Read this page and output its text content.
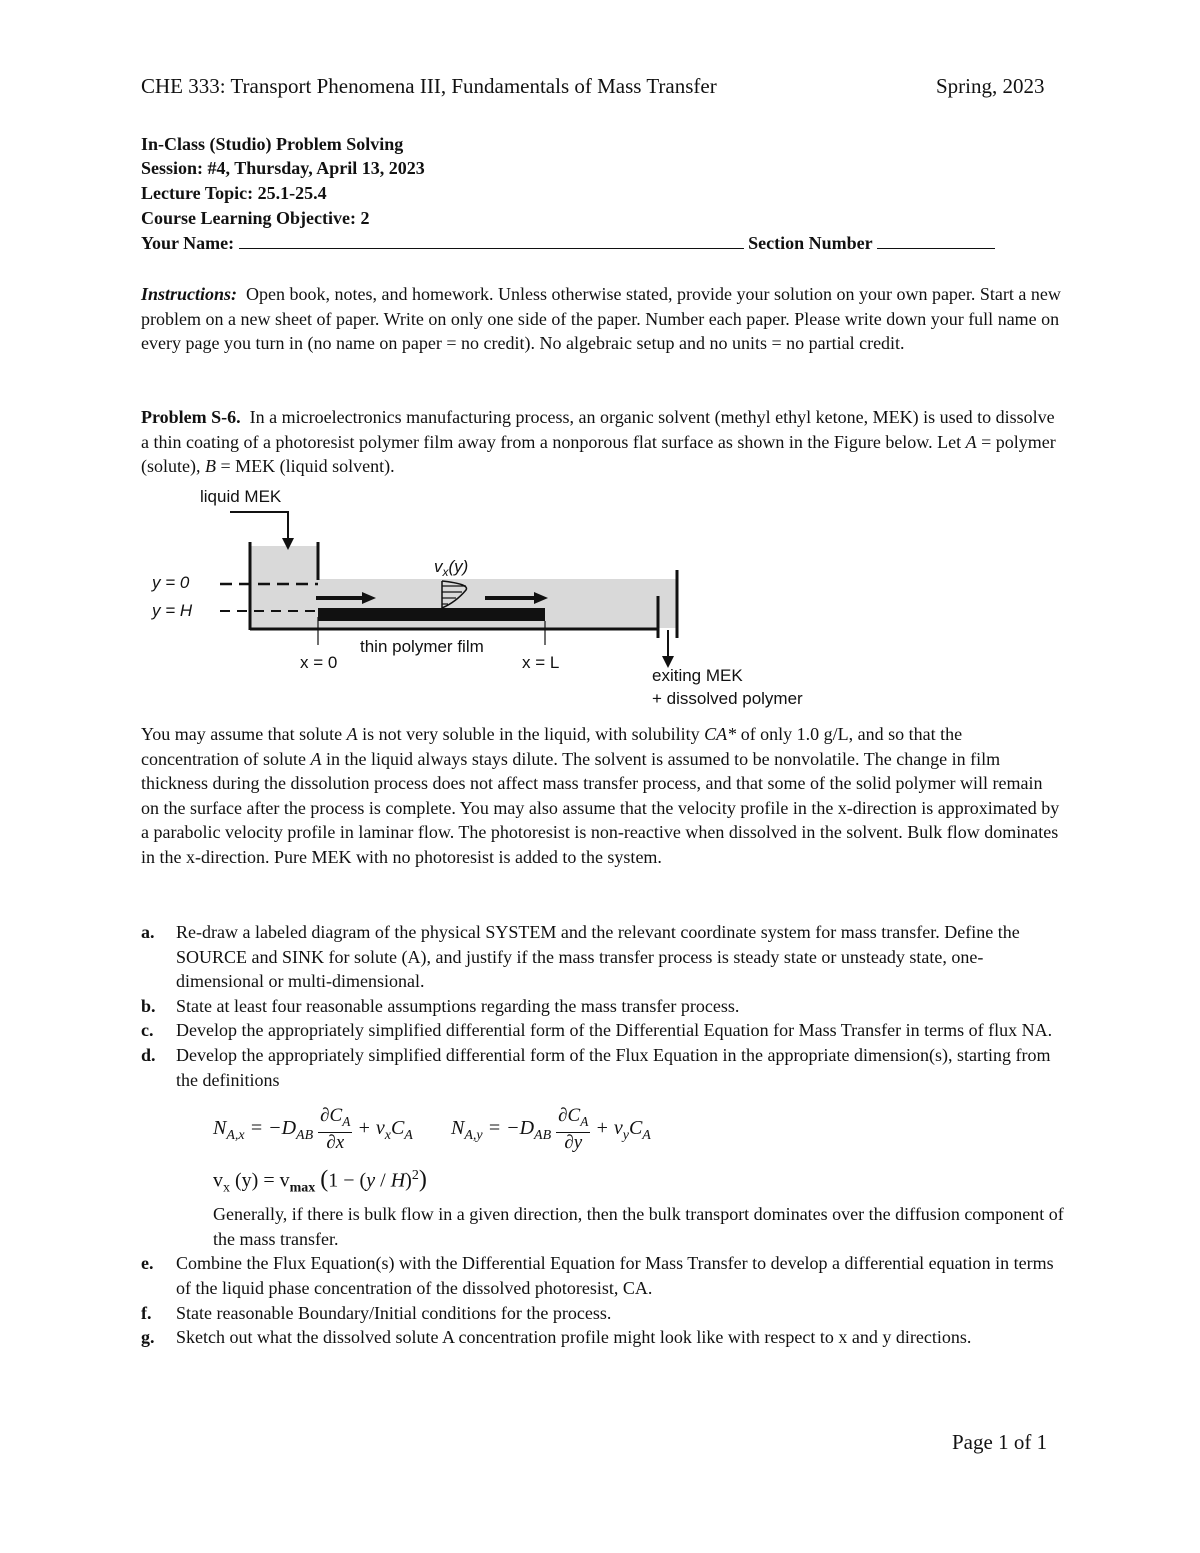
CHE 333: Transport Phenomena III, Fundamentals of Mass Transfer	Spring, 2023
In-Class (Studio) Problem Solving
Session: #4, Thursday, April 13, 2023
Lecture Topic: 25.1-25.4
Course Learning Objective: 2
Your Name:	Section Number

Instructions: Open book, notes, and homework. Unless otherwise stated, provide your solution on your own paper. Start a new problem on a new sheet of paper. Write on only one side of the paper. Number each paper. Please write down your full name on every page you turn in (no name on paper = no credit). No algebraic setup and no units = no partial credit.

Problem S-6. In a microelectronics manufacturing process, an organic solvent (methyl ethyl ketone, MEK) is used to dissolve a thin coating of a photoresist polymer film away from a nonporous flat surface as shown in the Figure below. Let A = polymer (solute), B = MEK (liquid solvent).

liquid MEK
y = 0
y = H
$v_x(y)$
thin polymer film
x = 0	x = L
exiting MEK
+ dissolved polymer

You may assume that solute A is not very soluble in the liquid, with solubility CA* of only 1.0 g/L, and so that the concentration of solute A in the liquid always stays dilute. The solvent is assumed to be nonvolatile. The change in film thickness during the dissolution process does not affect mass transfer process, and that some of the solid polymer will remain on the surface after the process is complete. You may also assume that the velocity profile in the x-direction is approximated by a parabolic velocity profile in laminar flow. The photoresist is non-reactive when dissolved in the solvent. Bulk flow dominates in the x-direction. Pure MEK with no photoresist is added to the system.

a. Re-draw a labeled diagram of the physical SYSTEM and the relevant coordinate system for mass transfer. Define the SOURCE and SINK for solute (A), and justify if the mass transfer process is steady state or unsteady state, one-dimensional or multi-dimensional.
b. State at least four reasonable assumptions regarding the mass transfer process.
c. Develop the appropriately simplified differential form of the Differential Equation for Mass Transfer in terms of flux NA.
d. Develop the appropriately simplified differential form of the Flux Equation in the appropriate dimension(s), starting from the definitions
$N_{A,x} = -D_{AB} \frac{\partial C_A}{\partial x} + v_xC_A$ $N_{A,y} = -D_{AB} \frac{\partial C_A}{\partial y} + v_yC_A$
$v_x$ $(y) = v_{max}$ (1 − (y / H)$^2$)
Generally, if there is bulk flow in a given direction, then the bulk transport dominates over the diffusion component of the mass transfer.
e. Combine the Flux Equation(s) with the Differential Equation for Mass Transfer to develop a differential equation in terms of the liquid phase concentration of the dissolved photoresist, CA.
f. State reasonable Boundary/Initial conditions for the process.
g. Sketch out what the dissolved solute A concentration profile might look like with respect to x and y directions.
Page 1 of 1
